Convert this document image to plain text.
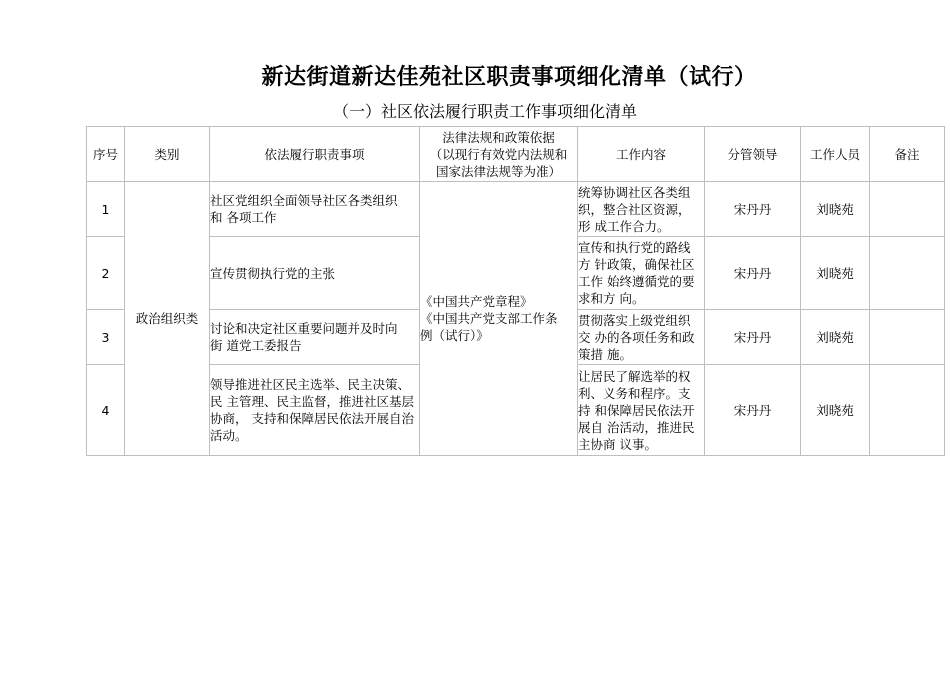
新达街道新达佳苑社区职责事项细化清单（试行）
（一）社区依法履行职责工作事项细化清单
序号	类别	依法履行职责事项	法律法规和政策依据
（以现行有效党内法规和
国家法律法规等为准）	工作内容	分管领导	工作人员	备注
1	政治组织类	社区党组织全面领导社区各类组织
和 各项工作	《中国共产党章程》
《中国共产党支部工作条
例（试行）》	统筹协调社区各类组
织，整合社区资源，
形 成工作合力。	宋丹丹	刘晓苑	
2		宣传贯彻执行党的主张		宣传和执行党的路线
方 针政策，确保社区
工作 始终遵循党的要
求和方 向。	宋丹丹	刘晓苑	
3		讨论和决定社区重要问题并及时向
街 道党工委报告		贯彻落实上级党组织
交 办的各项任务和政
策措 施。	宋丹丹	刘晓苑	
4		领导推进社区民主选举、民主决策、
民 主管理、民主监督，推进社区基层
协商， 支持和保障居民依法开展自治
活动。		让居民了解选举的权
利、义务和程序。支
持 和保障居民依法开
展自 治活动，推进民
主协商 议事。	宋丹丹	刘晓苑	
